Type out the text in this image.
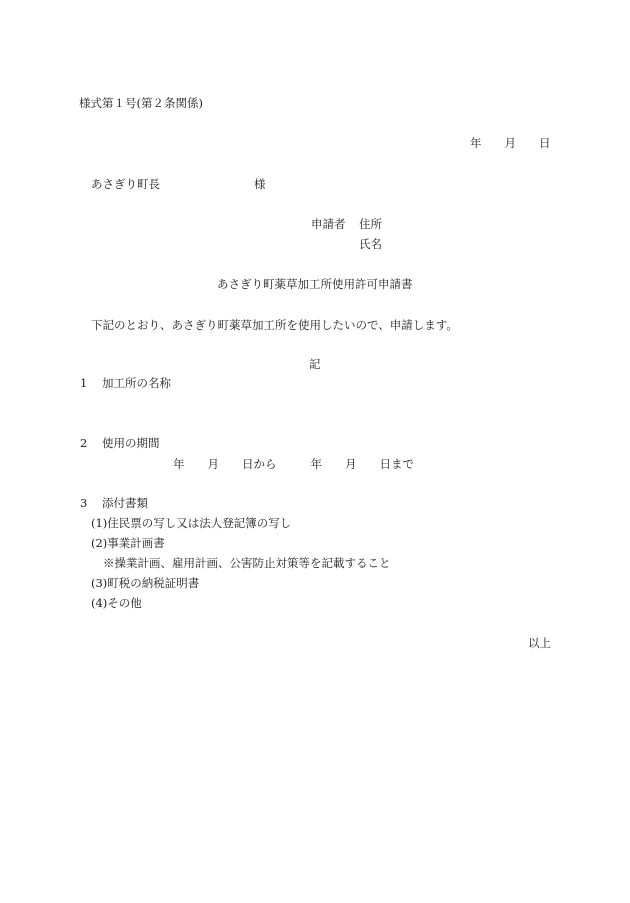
様式第１号(第２条関係)
年 月 日
あさぎり町長	様
申請者 住所
氏名
あさぎり町薬草加工所使用許可申請書
下記のとおり、あさぎり町薬草加工所を使用したいので、申請します。
記
1 加工所の名称
2 使用の期間
年 月 日から	年 月 日まで
3 添付書類
(1)住民票の写し又は法人登記簿の写し
(2)事業計画書
※操業計画、雇用計画、公害防止対策等を記載すること
(3)町税の納税証明書
(4)その他
以上
